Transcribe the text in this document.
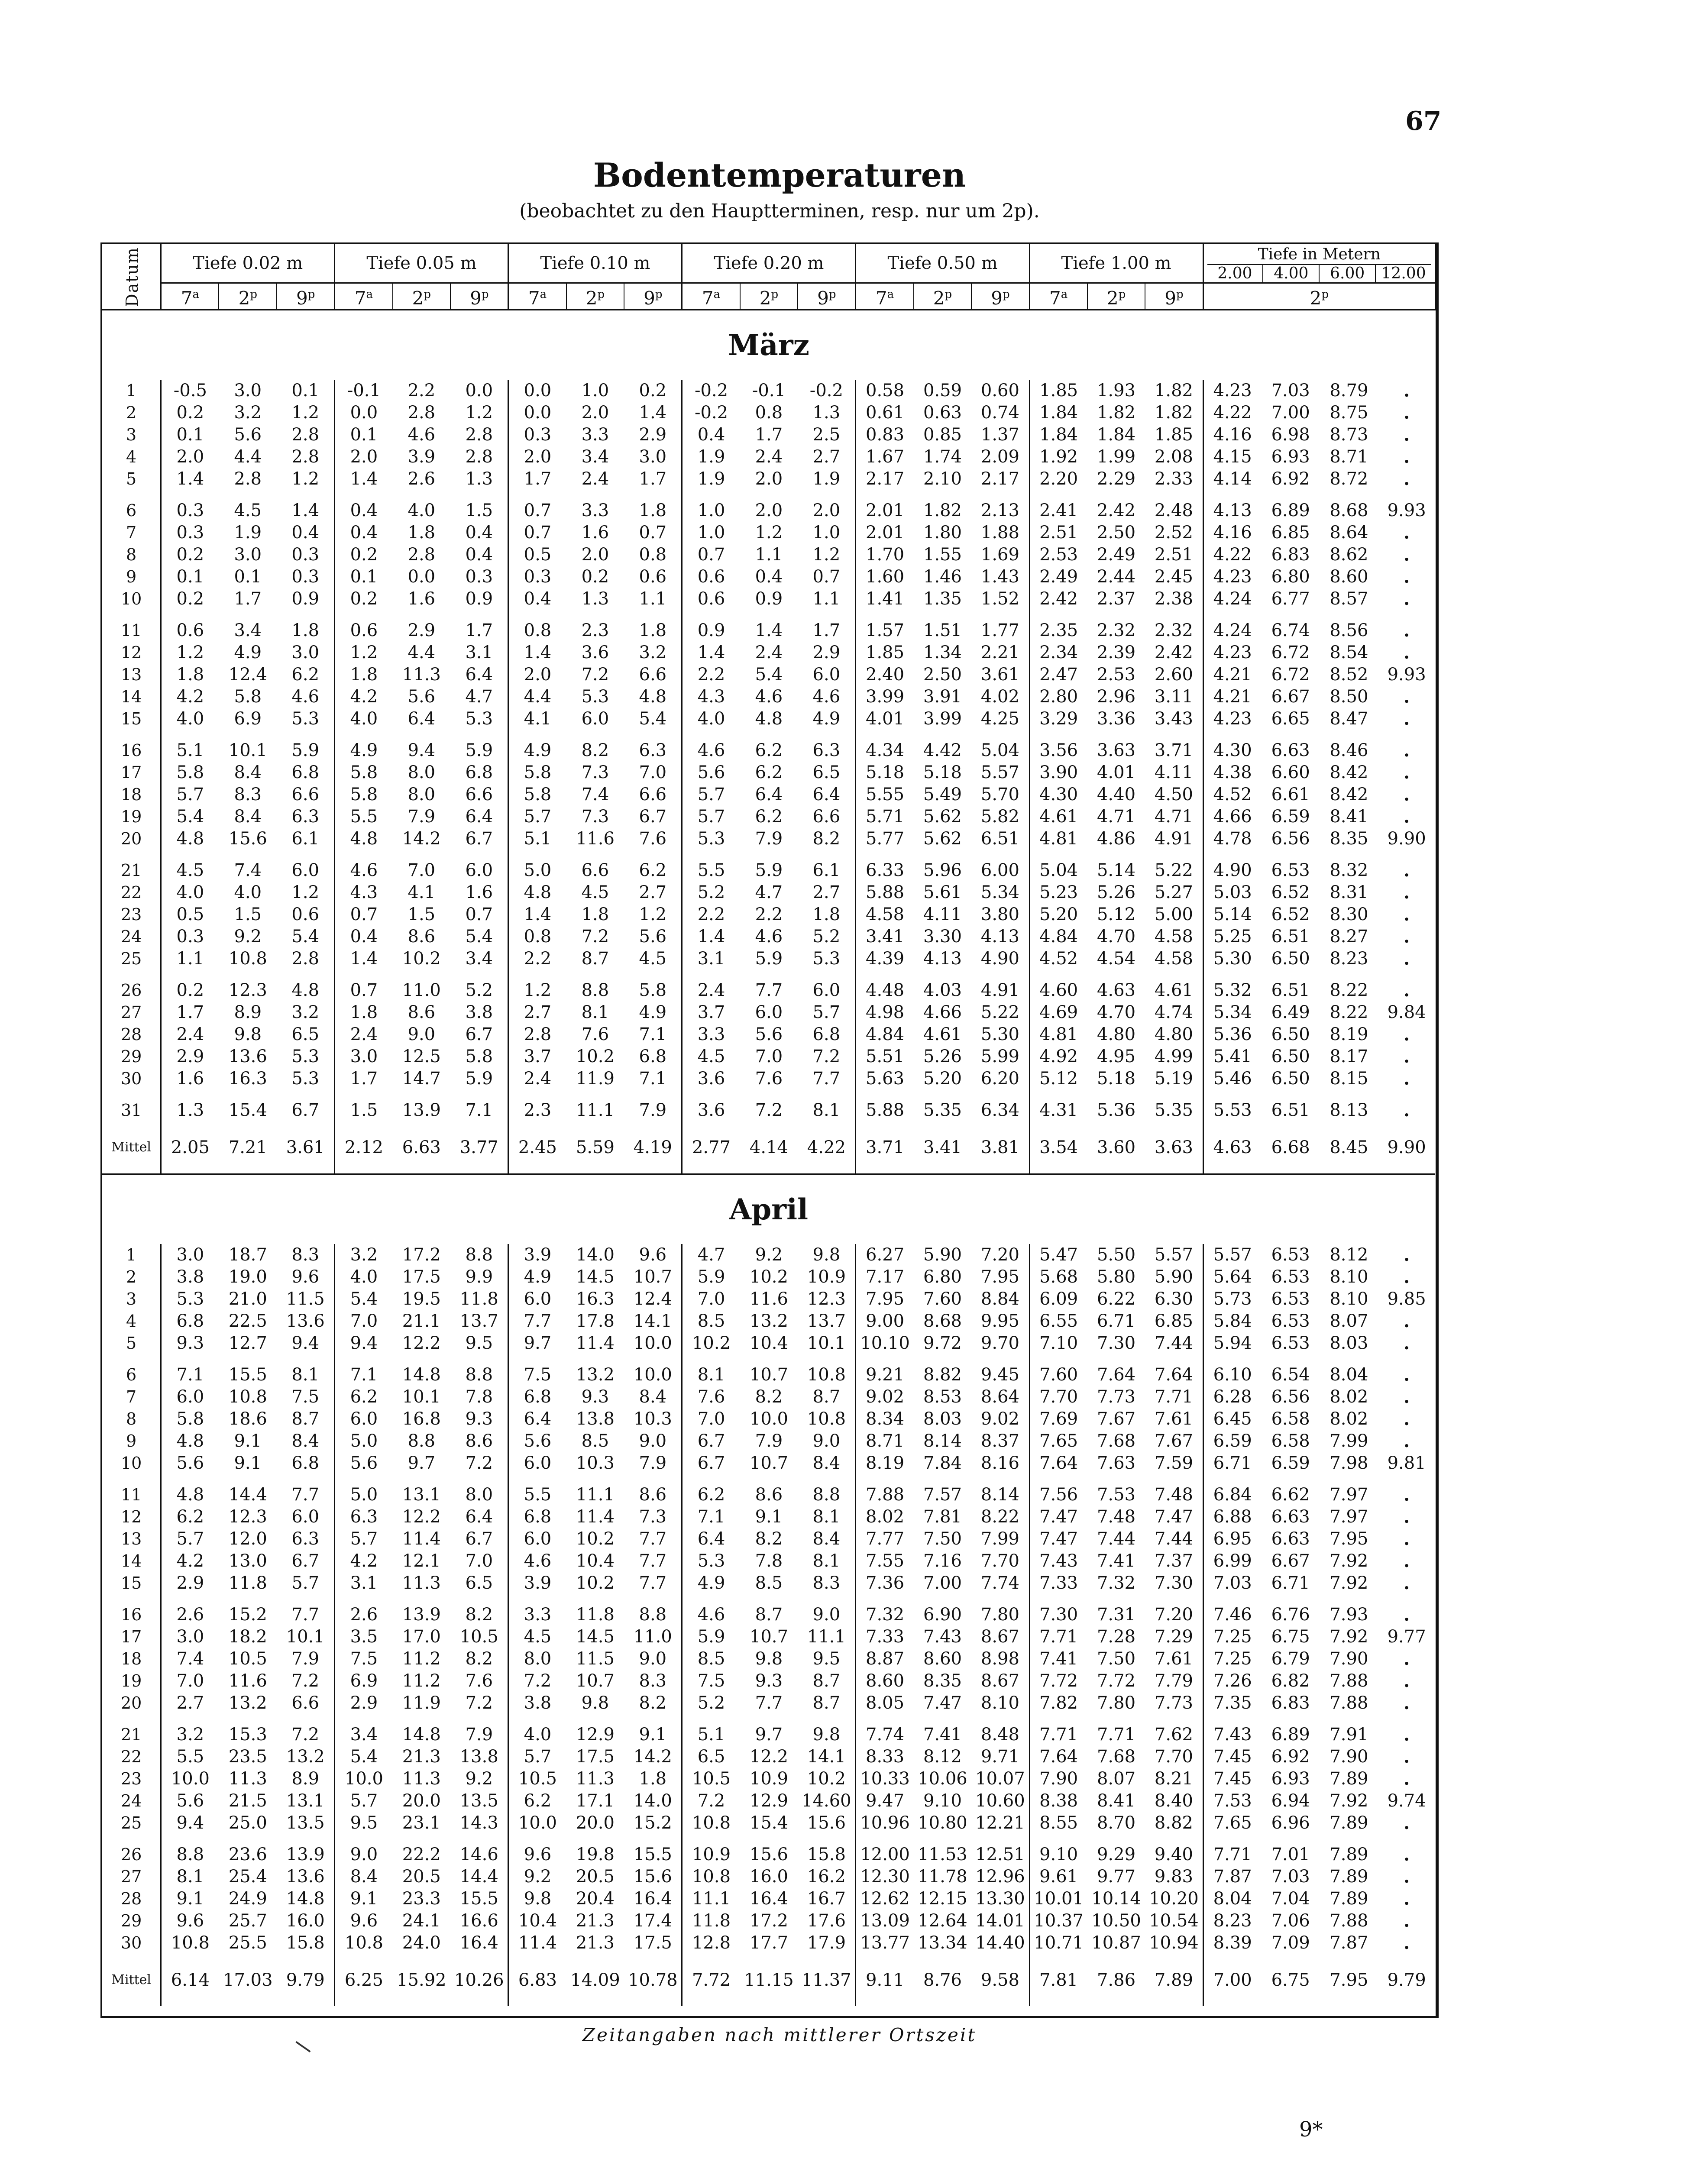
67
Bodentemperaturen
(beobachtet zu den Hauptterminen, resp. nur um 2p).
Datum	Tiefe 0.02 m			Tiefe 0.05 m			Tiefe 0.10 m			Tiefe 0.20 m			Tiefe 0.50 m			Tiefe 1.00 m			Tiefe in Metern
2.00 4.00 6.00 12.00			

	7$^a$	2$^p$	9$^p$	7$^a$	2$^p$	9$^p$	7$^a$	2$^p$	9$^p$	7$^a$	2$^p$	9$^p$	7$^a$	2$^p$	9$^p$	7$^a$	2$^p$	9$^p$	2$^p$
März																						
1	-0.5	3.0	0.1	-0.1	2.2	0.0	0.0	1.0	0.2	-0.2	-0.1	-0.2	0.58	0.59	0.60	1.85	1.93	1.82	4.23	7.03	8.79	.
2	0.2	3.2	1.2	0.0	2.8	1.2	0.0	2.0	1.4	-0.2	0.8	1.3	0.61	0.63	0.74	1.84	1.82	1.82	4.22	7.00	8.75	.
3	0.1	5.6	2.8	0.1	4.6	2.8	0.3	3.3	2.9	0.4	1.7	2.5	0.83	0.85	1.37	1.84	1.84	1.85	4.16	6.98	8.73	.
4	2.0	4.4	2.8	2.0	3.9	2.8	2.0	3.4	3.0	1.9	2.4	2.7	1.67	1.74	2.09	1.92	1.99	2.08	4.15	6.93	8.71	.
5	1.4	2.8	1.2	1.4	2.6	1.3	1.7	2.4	1.7	1.9	2.0	1.9	2.17	2.10	2.17	2.20	2.29	2.33	4.14	6.92	8.72	.

6	0.3	4.5	1.4	0.4	4.0	1.5	0.7	3.3	1.8	1.0	2.0	2.0	2.01	1.82	2.13	2.41	2.42	2.48	4.13	6.89	8.68	9.93
7	0.3	1.9	0.4	0.4	1.8	0.4	0.7	1.6	0.7	1.0	1.2	1.0	2.01	1.80	1.88	2.51	2.50	2.52	4.16	6.85	8.64	.
8	0.2	3.0	0.3	0.2	2.8	0.4	0.5	2.0	0.8	0.7	1.1	1.2	1.70	1.55	1.69	2.53	2.49	2.51	4.22	6.83	8.62	.
9	0.1	0.1	0.3	0.1	0.0	0.3	0.3	0.2	0.6	0.6	0.4	0.7	1.60	1.46	1.43	2.49	2.44	2.45	4.23	6.80	8.60	.
10	0.2	1.7	0.9	0.2	1.6	0.9	0.4	1.3	1.1	0.6	0.9	1.1	1.41	1.35	1.52	2.42	2.37	2.38	4.24	6.77	8.57	.

11	0.6	3.4	1.8	0.6	2.9	1.7	0.8	2.3	1.8	0.9	1.4	1.7	1.57	1.51	1.77	2.35	2.32	2.32	4.24	6.74	8.56	.
12	1.2	4.9	3.0	1.2	4.4	3.1	1.4	3.6	3.2	1.4	2.4	2.9	1.85	1.34	2.21	2.34	2.39	2.42	4.23	6.72	8.54	.
13	1.8	12.4	6.2	1.8	11.3	6.4	2.0	7.2	6.6	2.2	5.4	6.0	2.40	2.50	3.61	2.47	2.53	2.60	4.21	6.72	8.52	9.93
14	4.2	5.8	4.6	4.2	5.6	4.7	4.4	5.3	4.8	4.3	4.6	4.6	3.99	3.91	4.02	2.80	2.96	3.11	4.21	6.67	8.50	.
15	4.0	6.9	5.3	4.0	6.4	5.3	4.1	6.0	5.4	4.0	4.8	4.9	4.01	3.99	4.25	3.29	3.36	3.43	4.23	6.65	8.47	.

16	5.1	10.1	5.9	4.9	9.4	5.9	4.9	8.2	6.3	4.6	6.2	6.3	4.34	4.42	5.04	3.56	3.63	3.71	4.30	6.63	8.46	.
17	5.8	8.4	6.8	5.8	8.0	6.8	5.8	7.3	7.0	5.6	6.2	6.5	5.18	5.18	5.57	3.90	4.01	4.11	4.38	6.60	8.42	.
18	5.7	8.3	6.6	5.8	8.0	6.6	5.8	7.4	6.6	5.7	6.4	6.4	5.55	5.49	5.70	4.30	4.40	4.50	4.52	6.61	8.42	.
19	5.4	8.4	6.3	5.5	7.9	6.4	5.7	7.3	6.7	5.7	6.2	6.6	5.71	5.62	5.82	4.61	4.71	4.71	4.66	6.59	8.41	.
20	4.8	15.6	6.1	4.8	14.2	6.7	5.1	11.6	7.6	5.3	7.9	8.2	5.77	5.62	6.51	4.81	4.86	4.91	4.78	6.56	8.35	9.90

21	4.5	7.4	6.0	4.6	7.0	6.0	5.0	6.6	6.2	5.5	5.9	6.1	6.33	5.96	6.00	5.04	5.14	5.22	4.90	6.53	8.32	.
22	4.0	4.0	1.2	4.3	4.1	1.6	4.8	4.5	2.7	5.2	4.7	2.7	5.88	5.61	5.34	5.23	5.26	5.27	5.03	6.52	8.31	.
23	0.5	1.5	0.6	0.7	1.5	0.7	1.4	1.8	1.2	2.2	2.2	1.8	4.58	4.11	3.80	5.20	5.12	5.00	5.14	6.52	8.30	.
24	0.3	9.2	5.4	0.4	8.6	5.4	0.8	7.2	5.6	1.4	4.6	5.2	3.41	3.30	4.13	4.84	4.70	4.58	5.25	6.51	8.27	.
25	1.1	10.8	2.8	1.4	10.2	3.4	2.2	8.7	4.5	3.1	5.9	5.3	4.39	4.13	4.90	4.52	4.54	4.58	5.30	6.50	8.23	.

26	0.2	12.3	4.8	0.7	11.0	5.2	1.2	8.8	5.8	2.4	7.7	6.0	4.48	4.03	4.91	4.60	4.63	4.61	5.32	6.51	8.22	.
27	1.7	8.9	3.2	1.8	8.6	3.8	2.7	8.1	4.9	3.7	6.0	5.7	4.98	4.66	5.22	4.69	4.70	4.74	5.34	6.49	8.22	9.84
28	2.4	9.8	6.5	2.4	9.0	6.7	2.8	7.6	7.1	3.3	5.6	6.8	4.84	4.61	5.30	4.81	4.80	4.80	5.36	6.50	8.19	.
29	2.9	13.6	5.3	3.0	12.5	5.8	3.7	10.2	6.8	4.5	7.0	7.2	5.51	5.26	5.99	4.92	4.95	4.99	5.41	6.50	8.17	.
30	1.6	16.3	5.3	1.7	14.7	5.9	2.4	11.9	7.1	3.6	7.6	7.7	5.63	5.20	6.20	5.12	5.18	5.19	5.46	6.50	8.15	.

31	1.3	15.4	6.7	1.5	13.9	7.1	2.3	11.1	7.9	3.6	7.2	8.1	5.88	5.35	6.34	4.31	5.36	5.35	5.53	6.51	8.13	.
Mittel	2.05	7.21	3.61	2.12	6.63	3.77	2.45	5.59	4.19	2.77	4.14	4.22	3.71	3.41	3.81	3.54	3.60	3.63	4.63	6.68	8.45	9.90
April																						
1	3.0	18.7	8.3	3.2	17.2	8.8	3.9	14.0	9.6	4.7	9.2	9.8	6.27	5.90	7.20	5.47	5.50	5.57	5.57	6.53	8.12	.
2	3.8	19.0	9.6	4.0	17.5	9.9	4.9	14.5	10.7	5.9	10.2	10.9	7.17	6.80	7.95	5.68	5.80	5.90	5.64	6.53	8.10	.
3	5.3	21.0	11.5	5.4	19.5	11.8	6.0	16.3	12.4	7.0	11.6	12.3	7.95	7.60	8.84	6.09	6.22	6.30	5.73	6.53	8.10	9.85
4	6.8	22.5	13.6	7.0	21.1	13.7	7.7	17.8	14.1	8.5	13.2	13.7	9.00	8.68	9.95	6.55	6.71	6.85	5.84	6.53	8.07	.
5	9.3	12.7	9.4	9.4	12.2	9.5	9.7	11.4	10.0	10.2	10.4	10.1	10.10	9.72	9.70	7.10	7.30	7.44	5.94	6.53	8.03	.

6	7.1	15.5	8.1	7.1	14.8	8.8	7.5	13.2	10.0	8.1	10.7	10.8	9.21	8.82	9.45	7.60	7.64	7.64	6.10	6.54	8.04	.
7	6.0	10.8	7.5	6.2	10.1	7.8	6.8	9.3	8.4	7.6	8.2	8.7	9.02	8.53	8.64	7.70	7.73	7.71	6.28	6.56	8.02	.
8	5.8	18.6	8.7	6.0	16.8	9.3	6.4	13.8	10.3	7.0	10.0	10.8	8.34	8.03	9.02	7.69	7.67	7.61	6.45	6.58	8.02	.
9	4.8	9.1	8.4	5.0	8.8	8.6	5.6	8.5	9.0	6.7	7.9	9.0	8.71	8.14	8.37	7.65	7.68	7.67	6.59	6.58	7.99	.
10	5.6	9.1	6.8	5.6	9.7	7.2	6.0	10.3	7.9	6.7	10.7	8.4	8.19	7.84	8.16	7.64	7.63	7.59	6.71	6.59	7.98	9.81

11	4.8	14.4	7.7	5.0	13.1	8.0	5.5	11.1	8.6	6.2	8.6	8.8	7.88	7.57	8.14	7.56	7.53	7.48	6.84	6.62	7.97	.
12	6.2	12.3	6.0	6.3	12.2	6.4	6.8	11.4	7.3	7.1	9.1	8.1	8.02	7.81	8.22	7.47	7.48	7.47	6.88	6.63	7.97	.
13	5.7	12.0	6.3	5.7	11.4	6.7	6.0	10.2	7.7	6.4	8.2	8.4	7.77	7.50	7.99	7.47	7.44	7.44	6.95	6.63	7.95	.
14	4.2	13.0	6.7	4.2	12.1	7.0	4.6	10.4	7.7	5.3	7.8	8.1	7.55	7.16	7.70	7.43	7.41	7.37	6.99	6.67	7.92	.
15	2.9	11.8	5.7	3.1	11.3	6.5	3.9	10.2	7.7	4.9	8.5	8.3	7.36	7.00	7.74	7.33	7.32	7.30	7.03	6.71	7.92	.

16	2.6	15.2	7.7	2.6	13.9	8.2	3.3	11.8	8.8	4.6	8.7	9.0	7.32	6.90	7.80	7.30	7.31	7.20	7.46	6.76	7.93	.
17	3.0	18.2	10.1	3.5	17.0	10.5	4.5	14.5	11.0	5.9	10.7	11.1	7.33	7.43	8.67	7.71	7.28	7.29	7.25	6.75	7.92	9.77
18	7.4	10.5	7.9	7.5	11.2	8.2	8.0	11.5	9.0	8.5	9.8	9.5	8.87	8.60	8.98	7.41	7.50	7.61	7.25	6.79	7.90	.
19	7.0	11.6	7.2	6.9	11.2	7.6	7.2	10.7	8.3	7.5	9.3	8.7	8.60	8.35	8.67	7.72	7.72	7.79	7.26	6.82	7.88	.
20	2.7	13.2	6.6	2.9	11.9	7.2	3.8	9.8	8.2	5.2	7.7	8.7	8.05	7.47	8.10	7.82	7.80	7.73	7.35	6.83	7.88	.

21	3.2	15.3	7.2	3.4	14.8	7.9	4.0	12.9	9.1	5.1	9.7	9.8	7.74	7.41	8.48	7.71	7.71	7.62	7.43	6.89	7.91	.
22	5.5	23.5	13.2	5.4	21.3	13.8	5.7	17.5	14.2	6.5	12.2	14.1	8.33	8.12	9.71	7.64	7.68	7.70	7.45	6.92	7.90	.
23	10.0	11.3	8.9	10.0	11.3	9.2	10.5	11.3	1.8	10.5	10.9	10.2	10.33	10.06	10.07	7.90	8.07	8.21	7.45	6.93	7.89	.
24	5.6	21.5	13.1	5.7	20.0	13.5	6.2	17.1	14.0	7.2	12.9	14.60	9.47	9.10	10.60	8.38	8.41	8.40	7.53	6.94	7.92	9.74
25	9.4	25.0	13.5	9.5	23.1	14.3	10.0	20.0	15.2	10.8	15.4	15.6	10.96	10.80	12.21	8.55	8.70	8.82	7.65	6.96	7.89	.

26	8.8	23.6	13.9	9.0	22.2	14.6	9.6	19.8	15.5	10.9	15.6	15.8	12.00	11.53	12.51	9.10	9.29	9.40	7.71	7.01	7.89	.
27	8.1	25.4	13.6	8.4	20.5	14.4	9.2	20.5	15.6	10.8	16.0	16.2	12.30	11.78	12.96	9.61	9.77	9.83	7.87	7.03	7.89	.
28	9.1	24.9	14.8	9.1	23.3	15.5	9.8	20.4	16.4	11.1	16.4	16.7	12.62	12.15	13.30	10.01	10.14	10.20	8.04	7.04	7.89	.
29	9.6	25.7	16.0	9.6	24.1	16.6	10.4	21.3	17.4	11.8	17.2	17.6	13.09	12.64	14.01	10.37	10.50	10.54	8.23	7.06	7.88	.
30	10.8	25.5	15.8	10.8	24.0	16.4	11.4	21.3	17.5	12.8	17.7	17.9	13.77	13.34	14.40	10.71	10.87	10.94	8.39	7.09	7.87	.
Mittel	6.14	17.03	9.79	6.25	15.92	10.26	6.83	14.09	10.78	7.72	11.15	11.37	9.11	8.76	9.58	7.81	7.86	7.89	7.00	6.75	7.95	9.79
Zeitangaben nach mittlerer Ortszeit
9*
